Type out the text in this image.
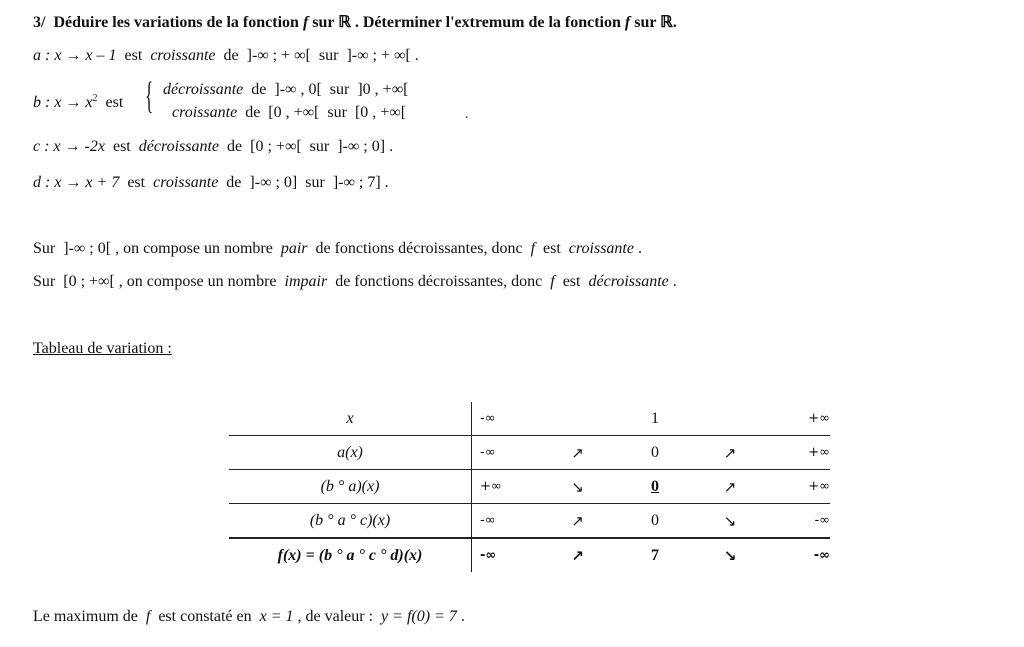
3/ Déduire les variations de la fonction f sur ℝ . Déterminer l'extremum de la fonction f sur ℝ.
a : x → x – 1 est croissante de ]-∞ ; + ∞[ sur ]-∞ ; + ∞[ .
b : $x \to x^2$ est { décroissante de ]-∞ , 0[ sur ]0 , +∞[
croissante de [0 , +∞[ sur [0 , +∞[	.
c : x → -2x est décroissante de [0 ; +∞[ sur ]-∞ ; 0] .
d : x → x + 7 est croissante de ]-∞ ; 0] sur ]-∞ ; 7] .
Sur ]-∞ ; 0[ , on compose un nombre pair de fonctions décroissantes, donc f est croissante .
Sur [0 ; +∞[ , on compose un nombre impair de fonctions décroissantes, donc f est décroissante .
Tableau de variation :
x	-∞		1		+∞
a(x)	-∞	↗	0	↗	+∞
(b ° a)(x)	+∞	↘	0	↗	+∞
(b ° a ° c)(x)	-∞	↗	0	↘	-∞
f(x) = (b ° a ° c ° d)(x)	-∞	↗	7	↘	-∞
Le maximum de f est constaté en x = 1 , de valeur : y = f(0) = 7 .
